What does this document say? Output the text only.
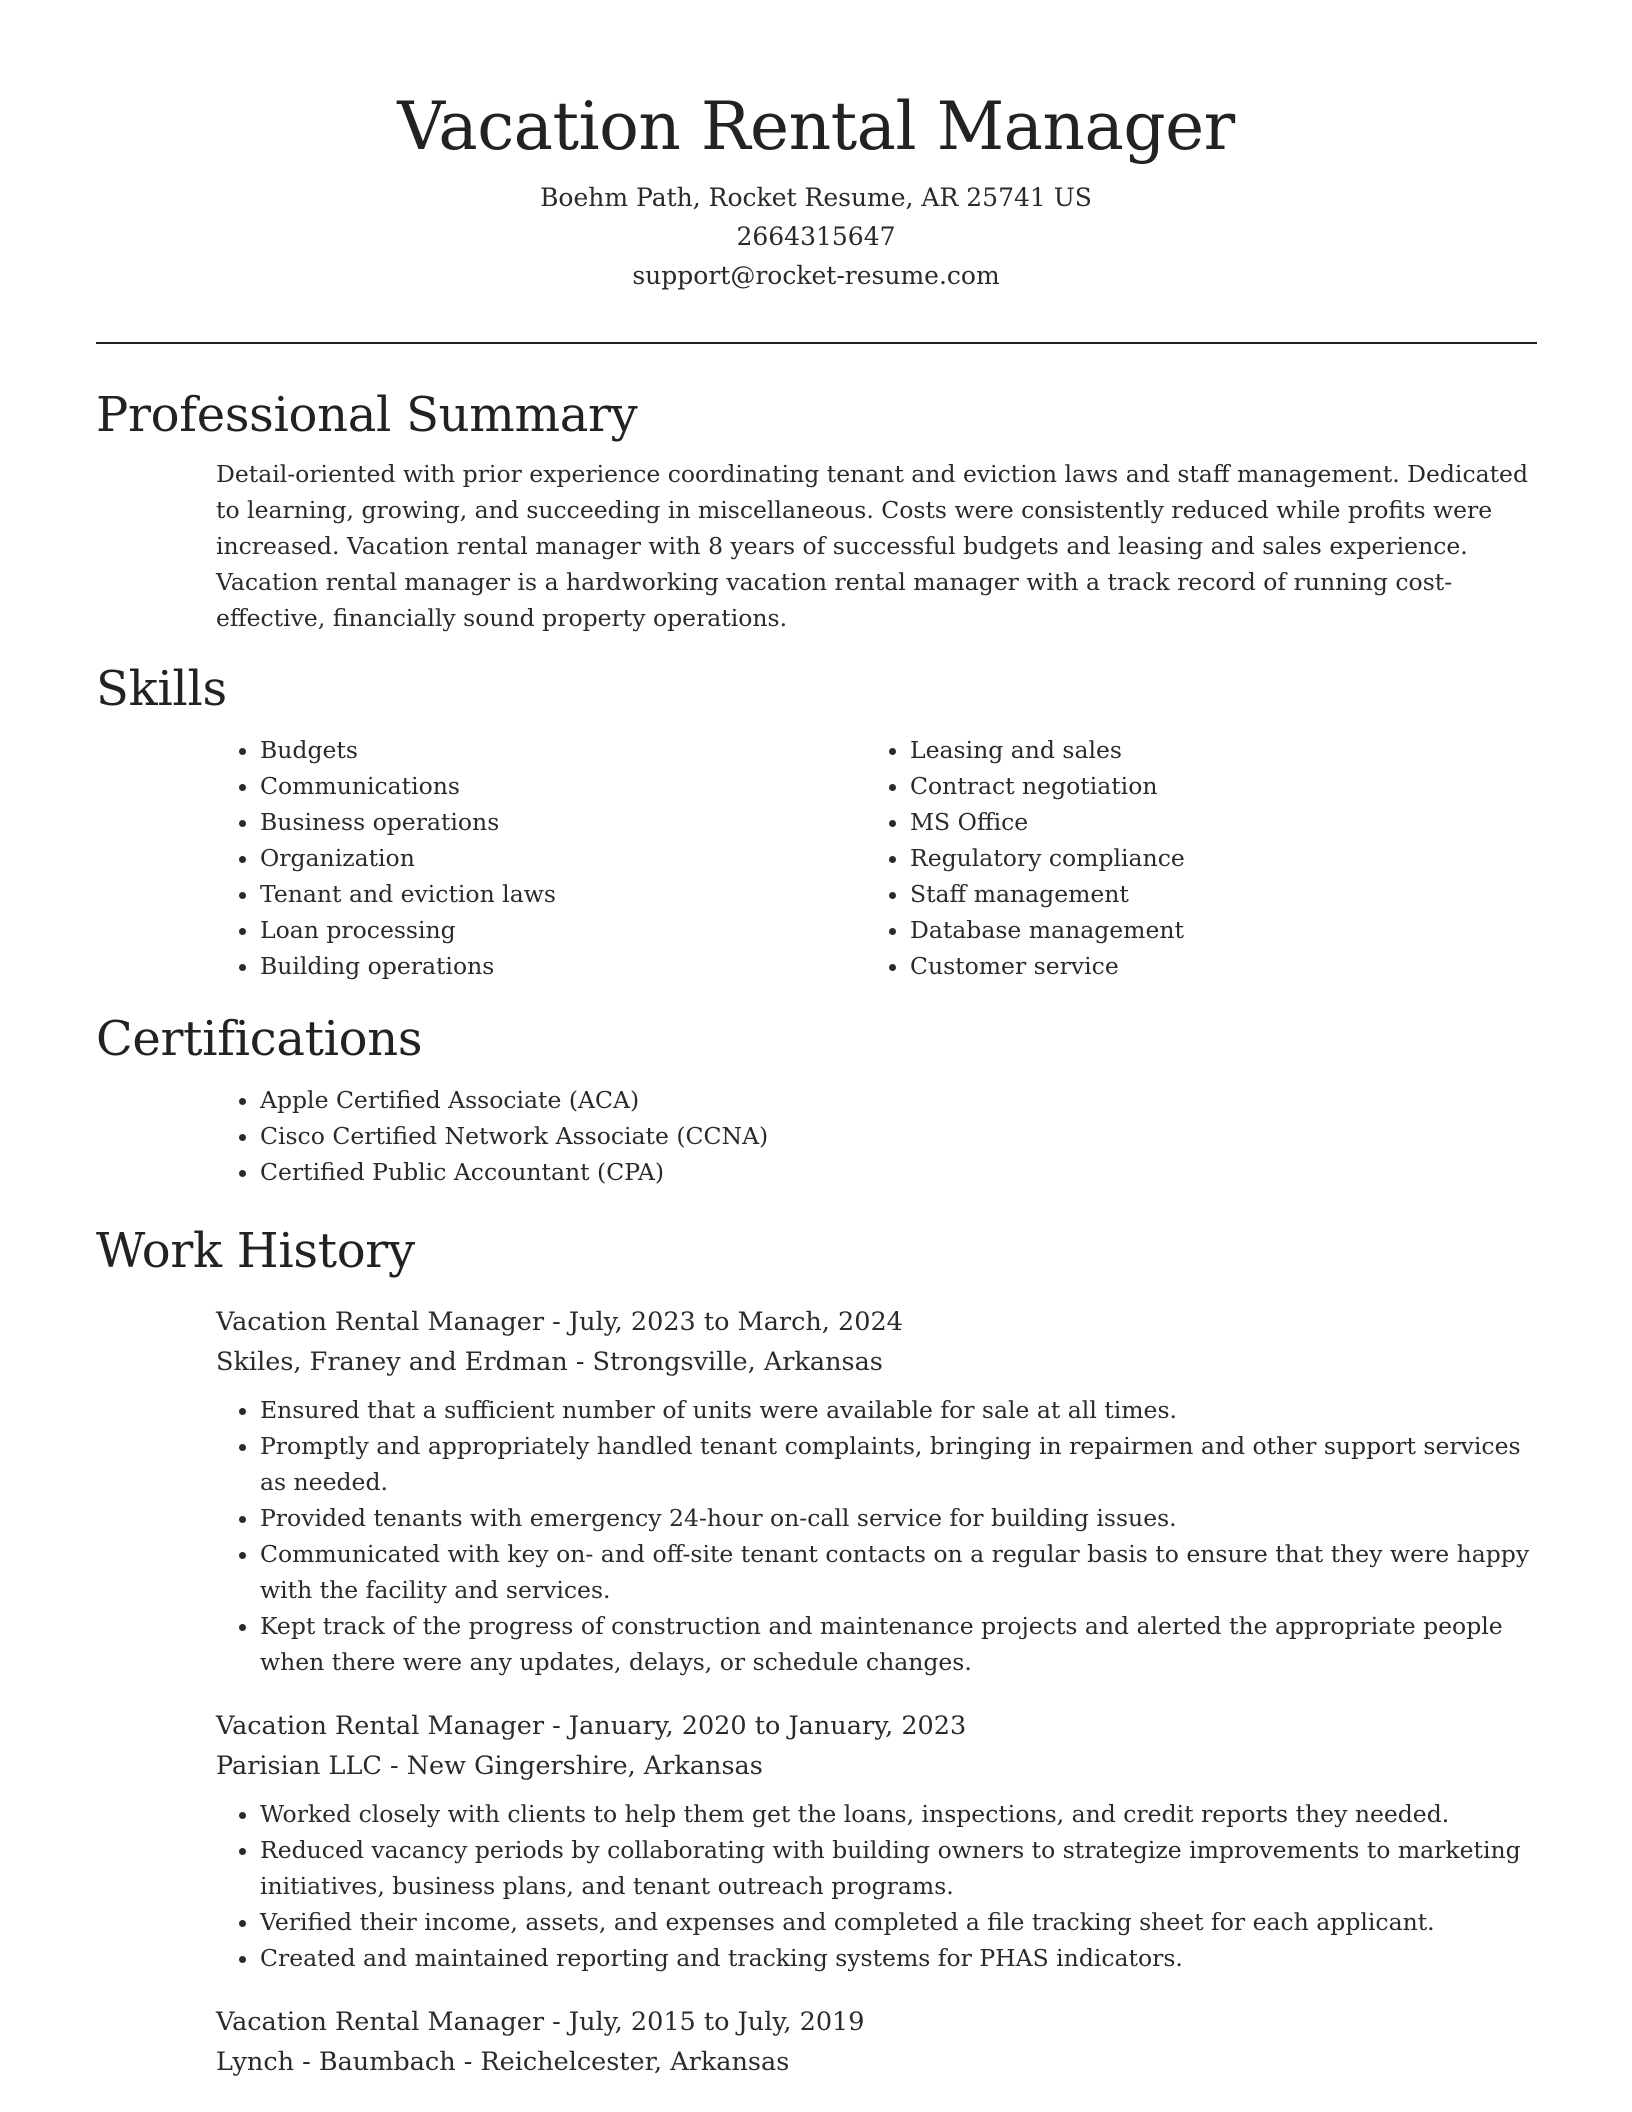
Vacation Rental Manager
Boehm Path, Rocket Resume, AR 25741 US
2664315647
support@rocket-resume.com
Professional Summary

Detail-oriented with prior experience coordinating tenant and eviction laws and staff management. Dedicated to learning, growing, and succeeding in miscellaneous. Costs were consistently reduced while profits were increased. Vacation rental manager with 8 years of successful budgets and leasing and sales experience. Vacation rental manager is a hardworking vacation rental manager with a track record of running cost-effective, financially sound property operations.

Skills
• Budgets
• Communications
• Business operations
• Organization
• Tenant and eviction laws
• Loan processing
• Building operations
• Leasing and sales
• Contract negotiation
• MS Office
• Regulatory compliance
• Staff management
• Database management
• Customer service
Certifications
• Apple Certified Associate (ACA)
• Cisco Certified Network Associate (CCNA)
• Certified Public Accountant (CPA)
Work History
Vacation Rental Manager - July, 2023 to March, 2024
Skiles, Franey and Erdman - Strongsville, Arkansas
• Ensured that a sufficient number of units were available for sale at all times.
• Promptly and appropriately handled tenant complaints, bringing in repairmen and other support services as needed.
• Provided tenants with emergency 24-hour on-call service for building issues.
• Communicated with key on- and off-site tenant contacts on a regular basis to ensure that they were happy with the facility and services.
• Kept track of the progress of construction and maintenance projects and alerted the appropriate people when there were any updates, delays, or schedule changes.
Vacation Rental Manager - January, 2020 to January, 2023
Parisian LLC - New Gingershire, Arkansas
• Worked closely with clients to help them get the loans, inspections, and credit reports they needed.
• Reduced vacancy periods by collaborating with building owners to strategize improvements to marketing initiatives, business plans, and tenant outreach programs.
• Verified their income, assets, and expenses and completed a file tracking sheet for each applicant.
• Created and maintained reporting and tracking systems for PHAS indicators.
Vacation Rental Manager - July, 2015 to July, 2019
Lynch - Baumbach - Reichelcester, Arkansas
